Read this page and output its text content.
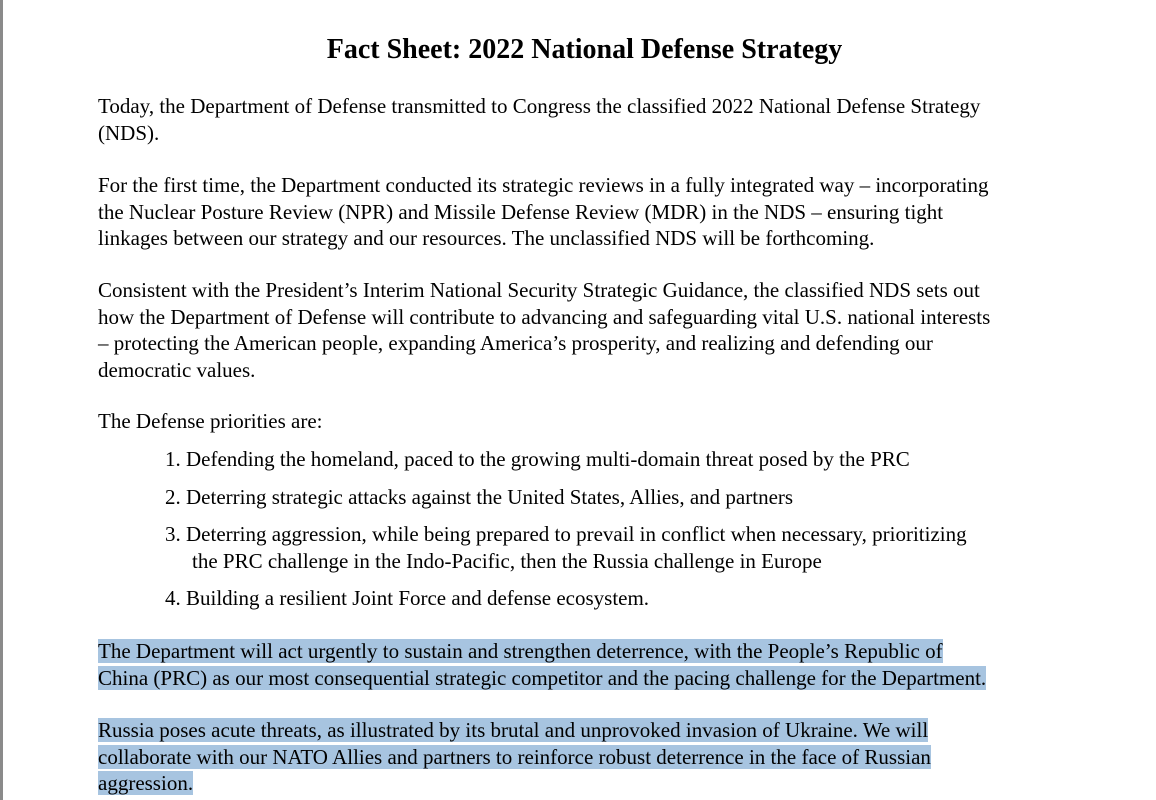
Fact Sheet: 2022 National Defense Strategy

Today, the Department of Defense transmitted to Congress the classified 2022 National Defense Strategy
(NDS).

For the first time, the Department conducted its strategic reviews in a fully integrated way – incorporating
the Nuclear Posture Review (NPR) and Missile Defense Review (MDR) in the NDS – ensuring tight
linkages between our strategy and our resources. The unclassified NDS will be forthcoming.

Consistent with the President’s Interim National Security Strategic Guidance, the classified NDS sets out
how the Department of Defense will contribute to advancing and safeguarding vital U.S. national interests
– protecting the American people, expanding America’s prosperity, and realizing and defending our
democratic values.

The Defense priorities are:

1. Defending the homeland, paced to the growing multi-domain threat posed by the PRC
2. Deterring strategic attacks against the United States, Allies, and partners
3. Deterring aggression, while being prepared to prevail in conflict when necessary, prioritizing
the PRC challenge in the Indo-Pacific, then the Russia challenge in Europe
4. Building a resilient Joint Force and defense ecosystem.

The Department will act urgently to sustain and strengthen deterrence, with the People’s Republic of
China (PRC) as our most consequential strategic competitor and the pacing challenge for the Department.

Russia poses acute threats, as illustrated by its brutal and unprovoked invasion of Ukraine. We will
collaborate with our NATO Allies and partners to reinforce robust deterrence in the face of Russian
aggression.
